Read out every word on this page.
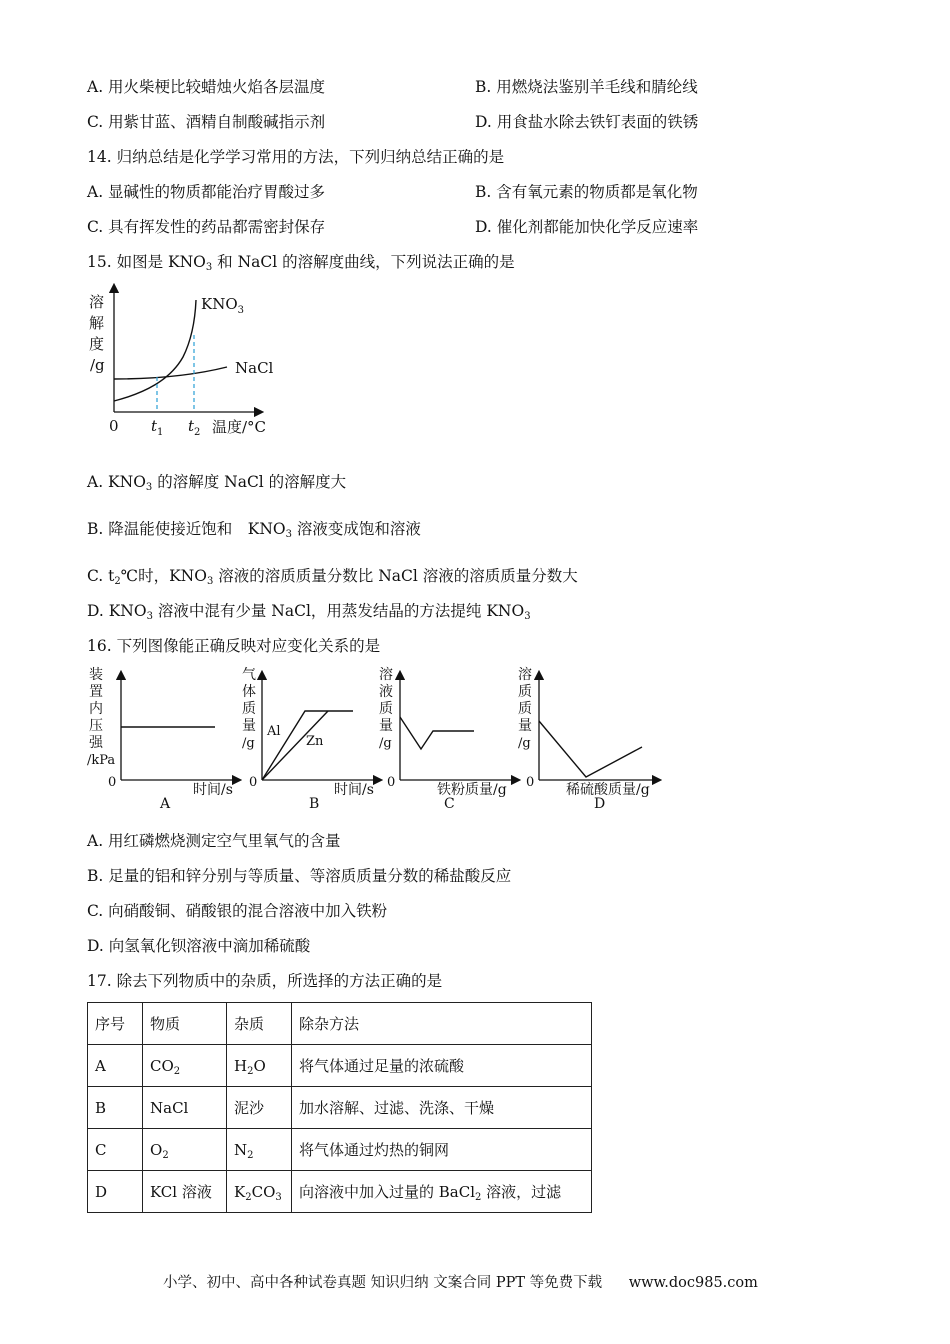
A. 用火柴梗比较蜡烛火焰各层温度	B. 用燃烧法鉴别羊毛线和腈纶线
C. 用紫甘蓝、酒精自制酸碱指示剂	D. 用食盐水除去铁钉表面的铁锈
14. 归纳总结是化学学习常用的方法，下列归纳总结正确的是
A. 显碱性的物质都能治疗胃酸过多	B. 含有氧元素的物质都是氧化物
C. 具有挥发性的药品都需密封保存	D. 催化剂都能加快化学反应速率
15. 如图是 $KNO_3$ 和 NaCl 的溶解度曲线，下列说法正确的是
溶
解
度
/g
$KNO_3$
NaCl
0 $t_1$ $t_2$ 温度/°C
A. $KNO_3$ 的溶解度 NaCl 的溶解度大
B. 降温能使接近饱和　$KNO_3$ 溶液变成饱和溶液
C. $t_2℃$时，$KNO_3$ 溶液的溶质质量分数比 NaCl 溶液的溶质质量分数大
D. $KNO_3$ 溶液中混有少量 NaCl，用蒸发结晶的方法提纯 $KNO_3$
16. 下列图像能正确反映对应变化关系的是
装
置
内
压
强
/kPa
0	时间/s
A
气
体
质
量
/g
Al
Zn
0	时间/s
B
溶
液
质
量
/g
0	铁粉质量/g
C
溶
质
质
量
/g
0 稀硫酸质量/g
D
A. 用红磷燃烧测定空气里氧气的含量
B. 足量的铝和锌分别与等质量、等溶质质量分数的稀盐酸反应
C. 向硝酸铜、硝酸银的混合溶液中加入铁粉
D. 向氢氧化钡溶液中滴加稀硫酸
17. 除去下列物质中的杂质，所选择的方法正确的是
序号	物质	杂质	除杂方法
A	$CO_2$	$H_2O$	将气体通过足量的浓硫酸
B	NaCl	泥沙	加水溶解、过滤、洗涤、干燥
C	$O_2$	$N_2$	将气体通过灼热的铜网
D	KCl 溶液	$K_2CO_3$	向溶液中加入过量的 BaCl$_2$ 溶液，过滤
小学、初中、高中各种试卷真题 知识归纳 文案合同 PPT 等免费下载 www.doc985.com
